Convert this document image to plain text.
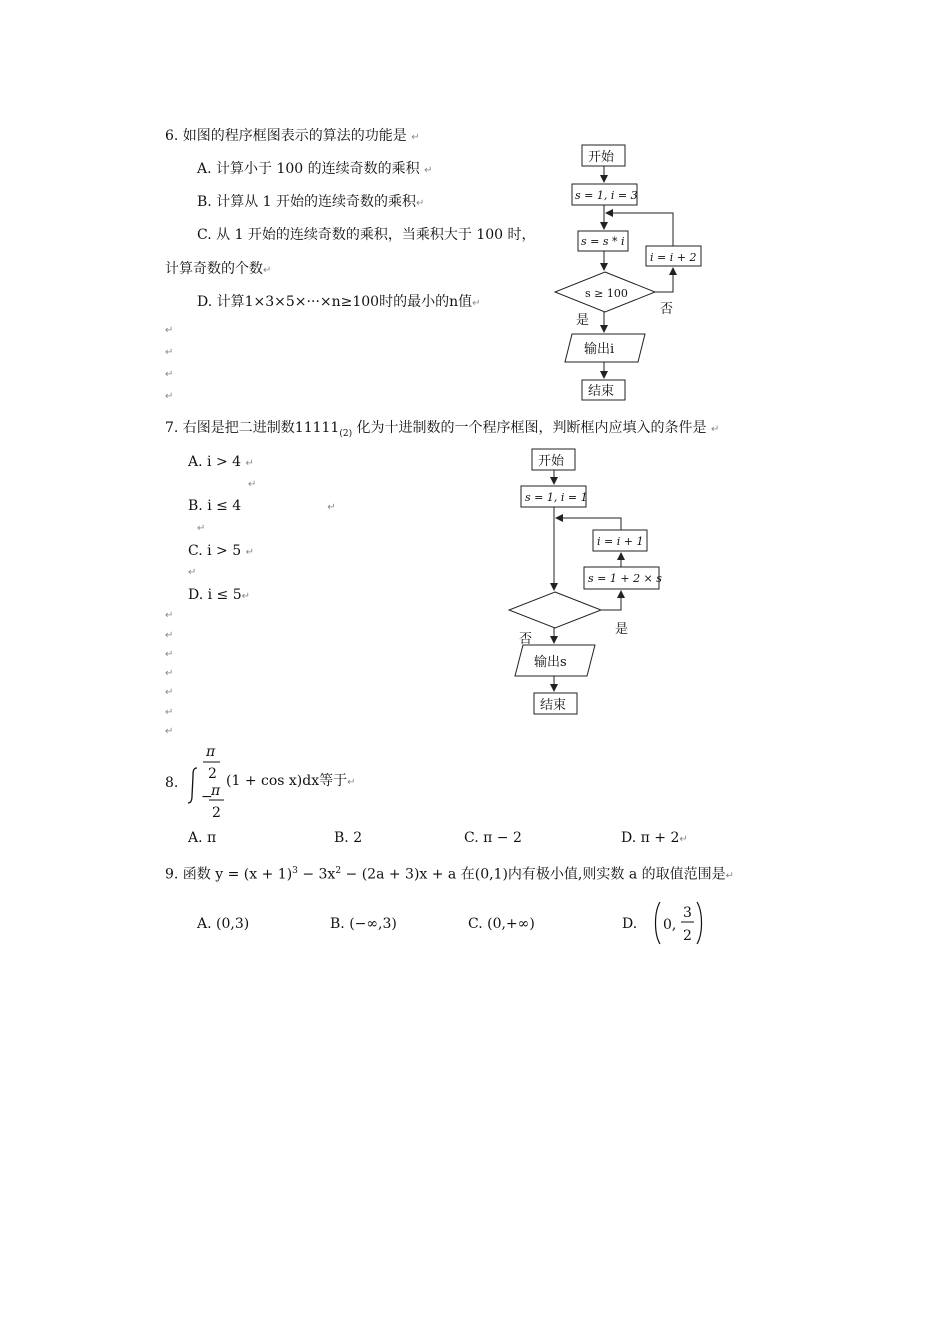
6. 如图的程序框图表示的算法的功能是 ↵
A. 计算小于 100 的连续奇数的乘积 ↵
B. 计算从 1 开始的连续奇数的乘积↵
C. 从 1 开始的连续奇数的乘积，当乘积大于 100 时，
计算奇数的个数↵
D. 计算1×3×5×···×n≥100时的最小的n值↵
↵
↵
↵
↵
开始
s = 1, i = 3
s = s * i
i = i + 2
s ≥ 100
是
否
输出i
结束
7. 右图是把二进制数$11111_{(2)}$ 化为十进制数的一个程序框图，判断框内应填入的条件是 ↵
A. i > 4 ↵
↵
B. i ≤ 4	↵
↵
C. i > 5 ↵
↵
D. i ≤ 5↵
↵
↵
↵
↵
↵
↵
↵
开始
s = 1, i = 1
i = i + 1
s = 1 + 2 × s
是
否
输出s
结束
8.
π
2
−
π
2
(1 + cos x)dx等于↵
A. π	B. 2	C. π − 2	D. π + 2↵
9. 函数 $y = (x + 1)^3 - 3x^2 - (2a + 3)x + a$ 在(0,1)内有极小值,则实数 a 的取值范围是↵
A. (0,3)	B. (−∞,3)	C. (0,+∞)	D. 0,
3
2
